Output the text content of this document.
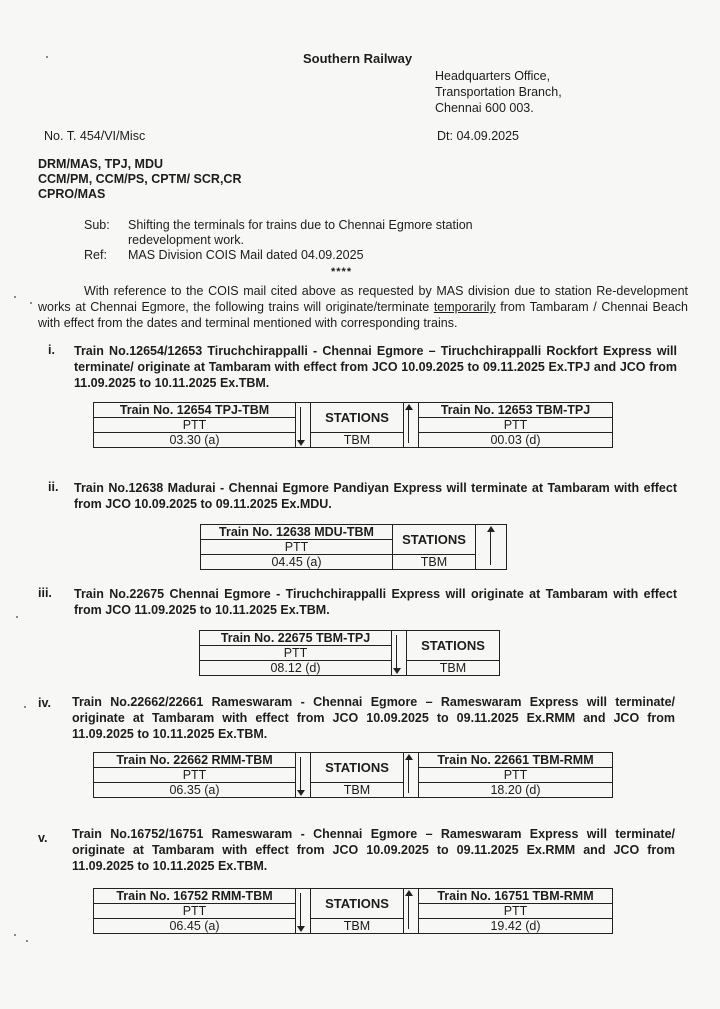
Southern Railway
Headquarters Office,
Transportation Branch,
Chennai 600 003.
No. T. 454/VI/Misc	Dt: 04.09.2025
DRM/MAS, TPJ, MDU
CCM/PM, CCM/PS, CPTM/ SCR,CR
CPRO/MAS
Sub: Shifting the terminals for trains due to Chennai Egmore station
redevelopment work.
Ref: MAS Division COIS Mail dated 04.09.2025
****
With reference to the COIS mail cited above as requested by MAS division due to station Re-development works at Chennai Egmore, the following trains will originate/terminate temporarily from Tambaram / Chennai Beach with effect from the dates and terminal mentioned with corresponding trains.
i. Train No.12654/12653 Tiruchchirappalli - Chennai Egmore – Tiruchchirappalli Rockfort Express will terminate/ originate at Tambaram with effect from JCO 10.09.2025 to 09.11.2025 Ex.TPJ and JCO from 11.09.2025 to 10.11.2025 Ex.TBM.
Train No. 12654 TPJ-TBM		STATIONS		Train No. 12653 TBM-TPJ
PTT				PTT
03.30 (a)		TBM		00.03 (d)
ii. Train No.12638 Madurai - Chennai Egmore Pandiyan Express will terminate at Tambaram with effect from JCO 10.09.2025 to 09.11.2025 Ex.MDU.
Train No. 12638 MDU-TBM	STATIONS	

PTT		
04.45 (a)	TBM	
iii. Train No.22675 Chennai Egmore - Tiruchchirappalli Express will originate at Tambaram with effect from JCO 11.09.2025 to 10.11.2025 Ex.TBM.
Train No. 22675 TBM-TPJ		STATIONS
PTT		
08.12 (d)		TBM
iv. Train No.22662/22661 Rameswaram - Chennai Egmore – Rameswaram Express will terminate/ originate at Tambaram with effect from JCO 10.09.2025 to 09.11.2025 Ex.RMM and JCO from 11.09.2025 to 10.11.2025 Ex.TBM.
Train No. 22662 RMM-TBM		STATIONS		Train No. 22661 TBM-RMM
PTT				PTT
06.35 (a)		TBM		18.20 (d)
v. Train No.16752/16751 Rameswaram - Chennai Egmore – Rameswaram Express will terminate/ originate at Tambaram with effect from JCO 10.09.2025 to 09.11.2025 Ex.RMM and JCO from 11.09.2025 to 10.11.2025 Ex.TBM.
Train No. 16752 RMM-TBM		STATIONS		Train No. 16751 TBM-RMM
PTT				PTT
06.45 (a)		TBM		19.42 (d)
